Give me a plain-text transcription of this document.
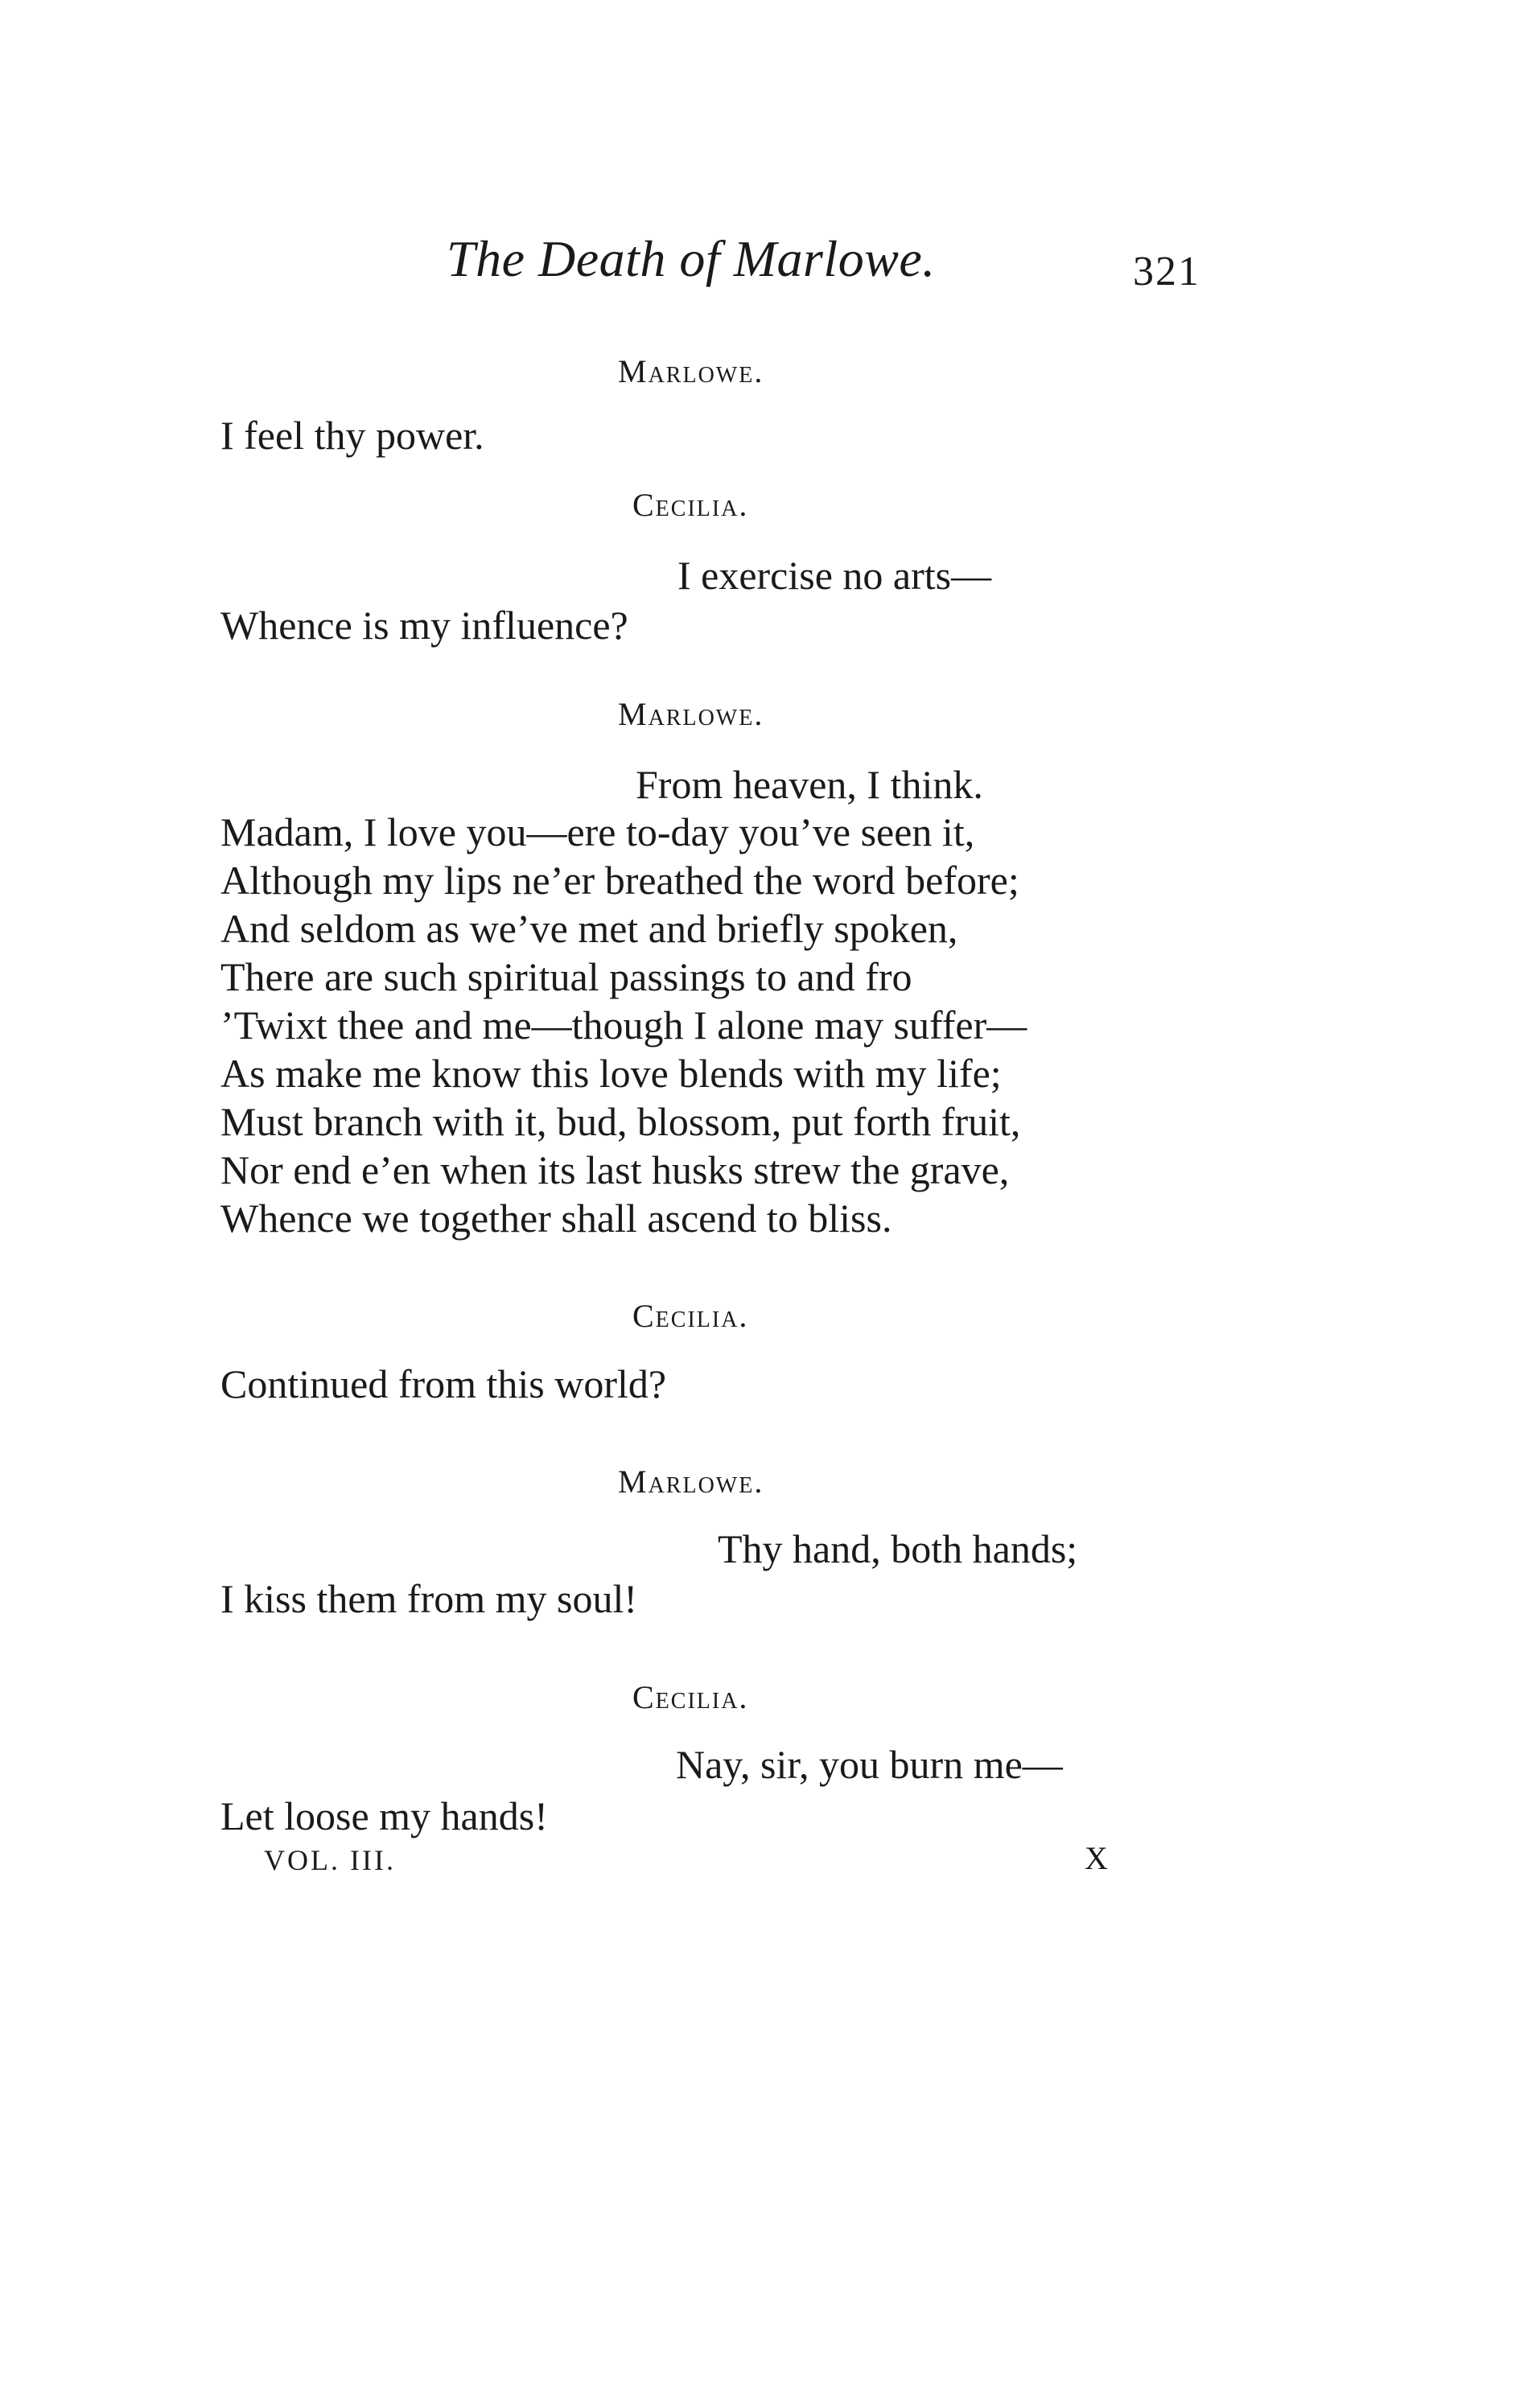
The Death of Marlowe.	321
Marlowe.
I feel thy power.
Cecilia.
I exercise no arts—
Whence is my influence?
Marlowe.
From heaven, I think.
Madam, I love you—ere to-day you’ve seen it,
Although my lips ne’er breathed the word before;
And seldom as we’ve met and briefly spoken,
There are such spiritual passings to and fro
’Twixt thee and me—though I alone may suffer—
As make me know this love blends with my life;
Must branch with it, bud, blossom, put forth fruit,
Nor end e’en when its last husks strew the grave,
Whence we together shall ascend to bliss.
Cecilia.
Continued from this world?
Marlowe.
Thy hand, both hands;
I kiss them from my soul!
Cecilia.
Nay, sir, you burn me—
Let loose my hands!
VOL. III.	X
